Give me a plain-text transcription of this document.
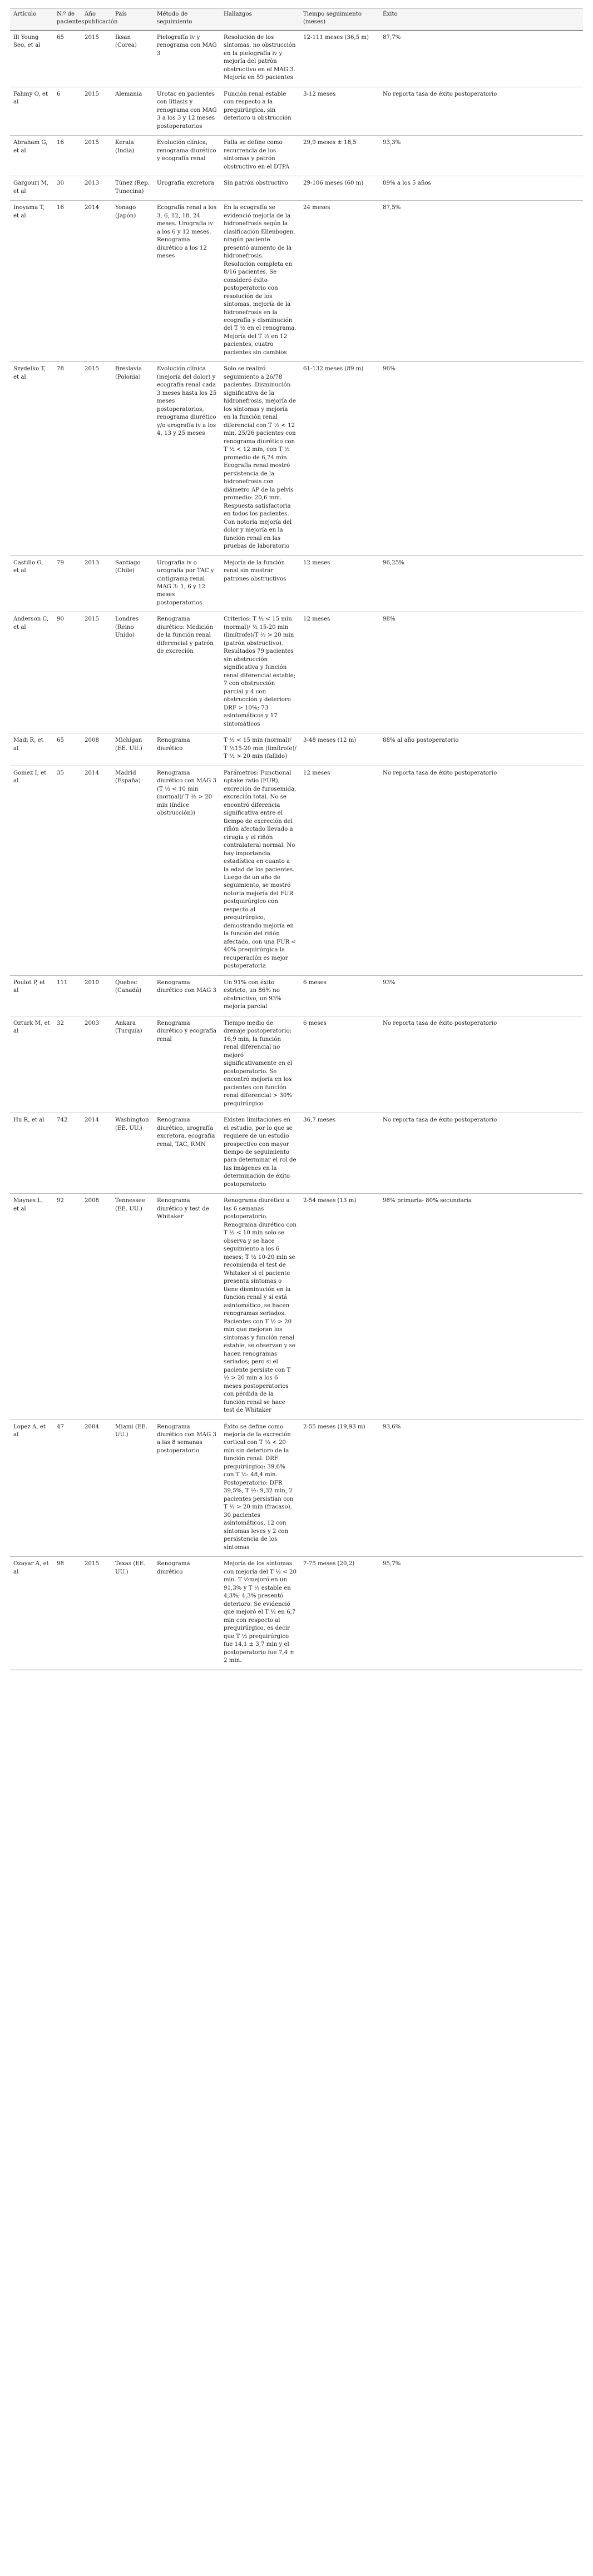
Artículo	N.º de pacientes	Año publicación	País	Método de seguimiento	Hallazgos	Tiempo seguimiento (meses)	Éxito
Ill Young Seo, et al	65	2015	Iksan (Corea)	Pielografía iv y renograma con MAG 3	Resolución de los síntomas, no obstrucción en la pielografía iv y mejoría del patrón obstructivo en el MAG 3. Mejoría en 59 pacientes	12-111 meses (36,5 m)	87,7%
Fahmy O, et al	6	2015	Alemania	Urotac en pacientes con litiasis y renograma con MAG 3 a los 3 y 12 meses postoperatorios	Función renal estable con respecto a la prequirúrgica, sin deterioro u obstrucción	3-12 meses	No reporta tasa de éxito postoperatorio
Abraham G, et al	16	2015	Kerala (India)	Evolución clínica, renograma diurético y ecografía renal	Falla se define como recurrencia de los síntomas y patrón obstructivo en el DTPA	29,9 meses ± 18,5	93,3%
Gargouri M, et al	30	2013	Túnez (Rep. Tunecina)	Urografía excretora	Sin patrón obstructivo	29-106 meses (60 m)	89% a los 5 años
Inoyama T, et al	16	2014	Yonago (Japón)	Ecografía renal a los 3, 6, 12, 18, 24 meses. Urografía iv a los 6 y 12 meses. Renograma diurético a los 12 meses	En la ecografía se evidenció mejoría de la hidronefrosis según la clasificación Ellenbogen, ningún paciente presentó aumento de la hidronefrosis. Resolución completa en 8/16 pacientes. Se consideró éxito postoperatorio con resolución de los síntomas, mejoría de la hidronefrosis en la ecografía y disminución del T ½ en el renograma. Mejoría del T ½ en 12 pacientes, cuatro pacientes sin cambios	24 meses	87,5%
Szydelko T, et al	78	2015	Breslavia (Polonia)	Evolución clínica (mejoría del dolor) y ecografía renal cada 3 meses hasta los 25 meses postoperatorios, renograma diurético y/o urografía iv a los 4, 13 y 25 meses	Solo se realizó seguimiento a 26/78 pacientes. Disminución significativa de la hidronefrosis, mejoría de los síntomas y mejoría en la función renal diferencial con T ½ < 12 min. 25/26 pacientes con renograma diurético con T ½ < 12 min, con T ½ promedio de 6,74 min. Ecografía renal mostró persistencia de la hidronefrosis con diámetro AP de la pelvis promedio: 20,6 mm. Respuesta satisfactoria en todos los pacientes. Con notoria mejoría del dolor y mejoría en la función renal en las pruebas de laboratorio	61-132 meses (89 m)	96%
Castillo O, et al	79	2013	Santiago (Chile)	Urografía iv o urografía por TAC y cintigrama renal MAG 3: 1, 6 y 12 meses postoperatorios	Mejoría de la función renal sin mostrar patrones obstructivos	12 meses	96,25%
Anderson C, et al	90	2015	Londres (Reino Unido)	Renograma diurético: Medición de la función renal diferencial y patrón de excreción	Criterios: T ½ < 15 min (normal)/ ½ 15-20 min (limítrofe)/T ½ > 20 min (patrón obstructivo). Resultados 79 pacientes sin obstrucción significativa y función renal diferencial estable; 7 con obstrucción parcial y 4 con obstrucción y deterioro DRF > 10%; 73 asintomáticos y 17 sintomáticos	12 meses	98%
Madi R, et al	65	2008	Michigan (EE. UU.)	Renograma diurético	T ½ < 15 min (normal)/ T ½15-20 min (limítrofe)/ T ½ > 20 min (fallido)	3-48 meses (12 m)	88% al año postoperatorio
Gomez I, et al	35	2014	Madrid (España)	Renograma diurético con MAG 3 (T ½ < 10 min (normal)/ T ½ > 20 min (índice obstrucción))	Parámetros: Functional uptake ratio (FUR), excreción de furosemida, excreción total. No se encontró diferencia significativa entre el tiempo de excreción del riñón afectado llevado a cirugía y el riñón contralateral normal. No hay importancia estadística en cuanto a la edad de los pacientes. Luego de un año de seguimiento, se mostró notoria mejoría del FUR postquirúrgico con respecto al prequirúrgico, demostrando mejoría en la función del riñón afectado, con una FUR < 40% prequirúrgica la recuperación es mejor postoperatoria	12 meses	No reporta tasa de éxito postoperatorio
Poulot P, et al	111	2010	Quebec (Canadá)	Renograma diurético con MAG 3	Un 91% con éxito estricto, un 86% no obstructivo, un 93% mejoría parcial	6 meses	93%
Ozturk M, et al	32	2003	Ankara (Turquía)	Renograma diurético y ecografía renal	Tiempo medio de drenaje postoperatorio: 16,9 min, la función renal diferencial no mejoró significativamente en el postoperatorio. Se encontró mejoría en los pacientes con función renal diferencial > 30% prequirúrgico	6 meses	No reporta tasa de éxito postoperatorio
Hu R, et al	742	2014	Washington (EE. UU.)	Renograma diurético, urografía excretora, ecografía renal, TAC, RMN	Existen limitaciones en el estudio, por lo que se requiere de un estudio prospectivo con mayor tiempo de seguimiento para determinar el rol de las imágenes en la determinación de éxito postoperatorio	36,7 meses	No reporta tasa de éxito postoperatorio
Maynes L, et al	92	2008	Tennessee (EE. UU.)	Renograma diurético y test de Whitaker	Renograma diurético a las 6 semanas postoperatorio. Renograma diurético con T ½ < 10 min solo se observa y se hace seguimiento a los 6 meses; T ½ 10-20 min se recomienda el test de Whitaker si el paciente presenta síntomas o tiene disminución en la función renal y si está asintomático, se hacen renogramas seriados. Pacientes con T ½ > 20 min que mejoran los síntomas y función renal estable, se observan y se hacen renogramas seriados; pero si el paciente persiste con T ½ > 20 min a los 6 meses postoperatorios con pérdida de la función renal se hace test de Whitaker	2-54 meses (13 m)	98% primaria- 80% secundaria
Lopez A, et al	47	2004	Miami (EE. UU.)	Renograma diurético con MAG 3 a las 8 semanas postoperatorio	Éxito se define como mejoría de la excreción cortical con T ½ < 20 min sin deterioro de la función renal. DRF prequirúrgico: 39,6% con T ½: 48,4 min. Postoperatorio: DFR 39,5%, T ½: 9,32 min, 2 pacientes persistían con T ½ > 20 min (fracaso), 30 pacientes asintomáticos, 12 con síntomas leves y 2 con persistencia de los síntomas	2-55 meses (19,93 m)	93,6%
Ozayar A, et al	98	2015	Texas (EE. UU.)	Renograma diurético	Mejoría de los síntomas con mejoría del T ½ < 20 min. T ½mejoró en un 91,3% y T ½ estable en 4,3%; 4,3% presentó deterioro. Se evidenció que mejoró el T ½ en 6,7 min con respecto al prequirúrgico, es decir que T ½ prequirúrgico fue 14,1 ± 3,7 min y el postoperatorio fue 7,4 ± 2 min.	7-75 meses (20,2)	95,7%
